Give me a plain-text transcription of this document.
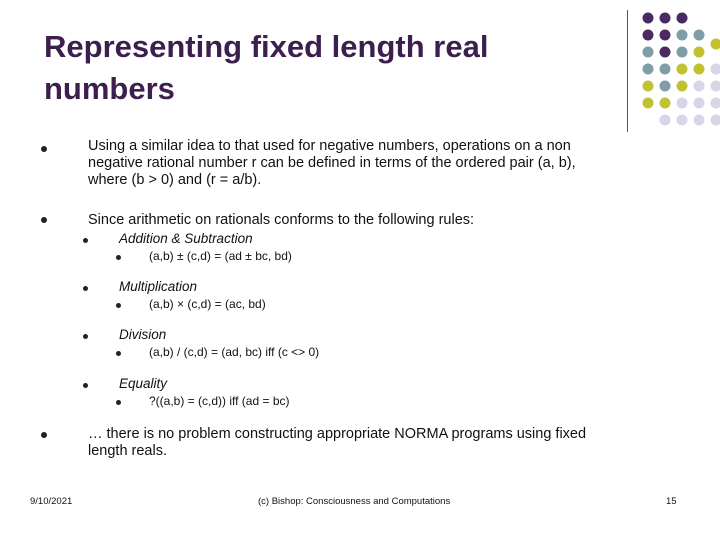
Representing fixed length real
numbers
Using a similar idea to that used for negative numbers, operations on a non
negative rational number r can be defined in terms of the ordered pair (a, b),
where (b > 0) and (r = a/b).
Since arithmetic on rationals conforms to the following rules:
Addition & Subtraction
(a,b) ± (c,d) = (ad ± bc, bd)
Multiplication
(a,b) × (c,d) = (ac, bd)
Division
(a,b) / (c,d) = (ad, bc) iff (c <> 0)
Equality
?((a,b) = (c,d)) iff (ad = bc)
… there is no problem constructing appropriate NORMA programs using fixed
length reals.
9/10/2021	(c) Bishop: Consciousness and Computations	15
